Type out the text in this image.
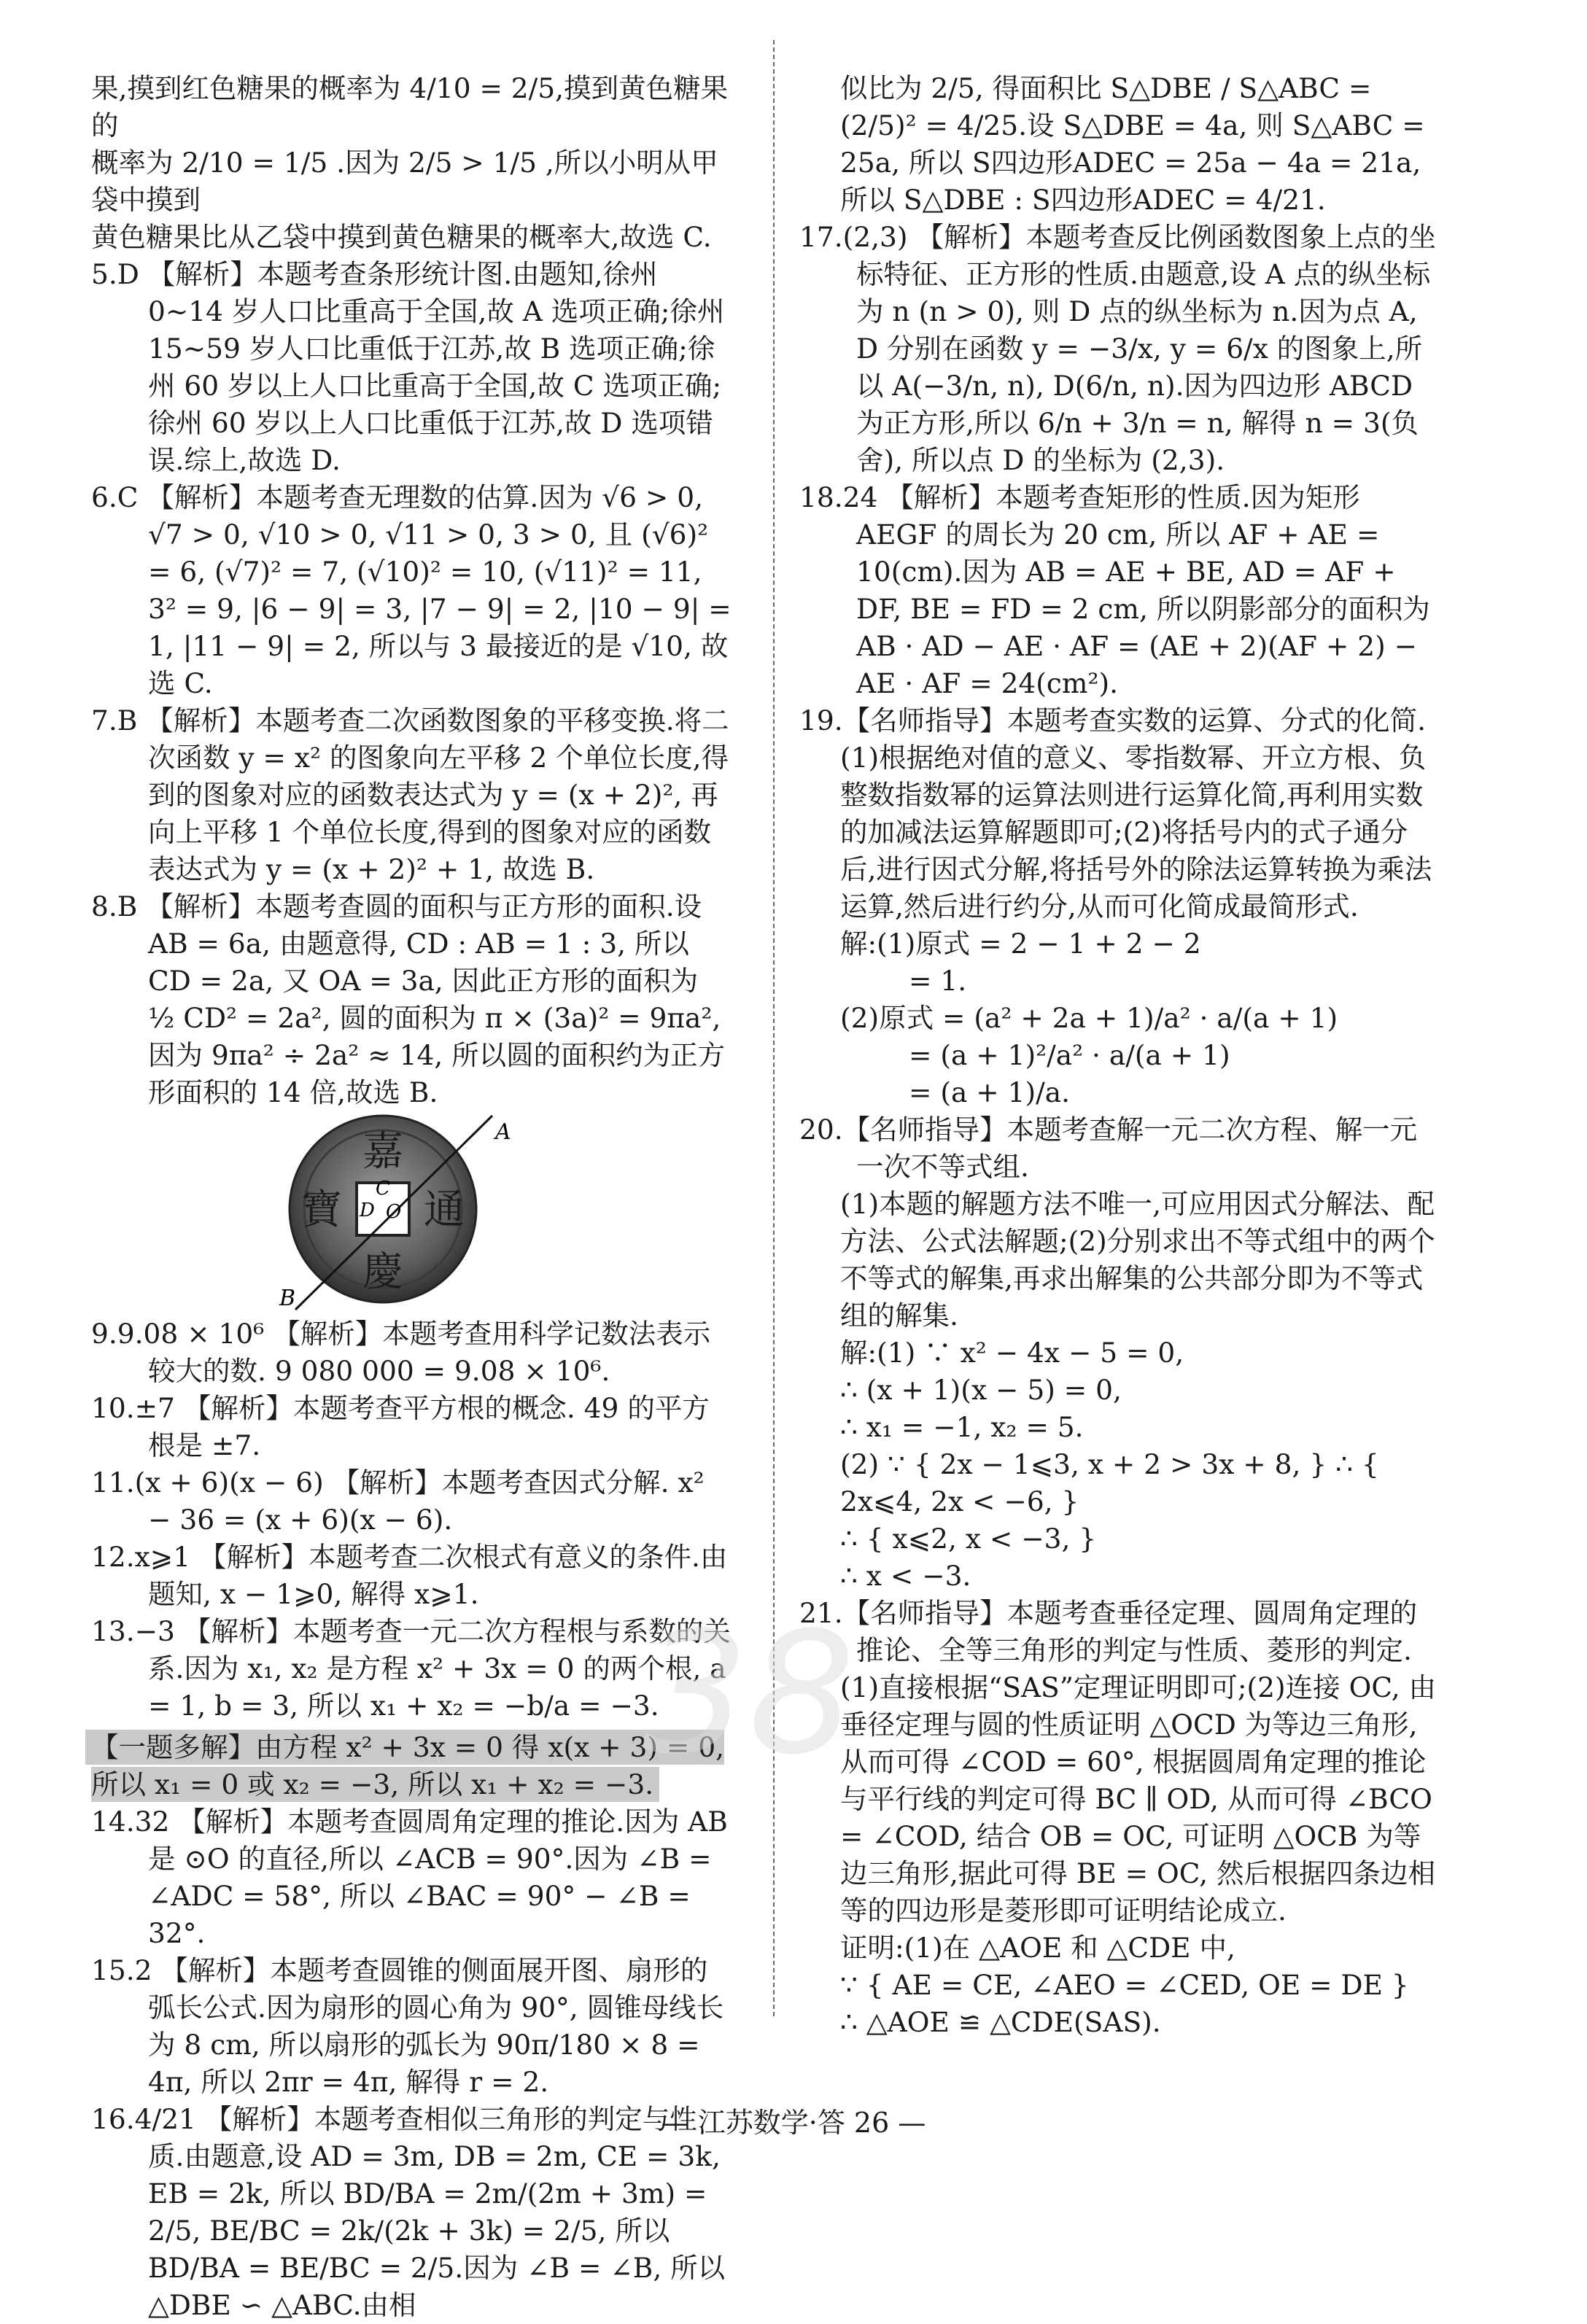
果,摸到红色糖果的概率为 4/10 = 2/5,摸到黄色糖果的

概率为 2/10 = 1/5 .因为 2/5 > 1/5 ,所以小明从甲袋中摸到

黄色糖果比从乙袋中摸到黄色糖果的概率大,故选 C.

5.D 【解析】本题考查条形统计图.由题知,徐州 0~14 岁人口比重高于全国,故 A 选项正确;徐州 15~59 岁人口比重低于江苏,故 B 选项正确;徐州 60 岁以上人口比重高于全国,故 C 选项正确;徐州 60 岁以上人口比重低于江苏,故 D 选项错误.综上,故选 D.

6.C 【解析】本题考查无理数的估算.因为 √6 > 0, √7 > 0, √10 > 0, √11 > 0, 3 > 0, 且 (√6)² = 6, (√7)² = 7, (√10)² = 10, (√11)² = 11, 3² = 9, |6 − 9| = 3, |7 − 9| = 2, |10 − 9| = 1, |11 − 9| = 2, 所以与 3 最接近的是 √10, 故选 C.

7.B 【解析】本题考查二次函数图象的平移变换.将二次函数 y = x² 的图象向左平移 2 个单位长度,得到的图象对应的函数表达式为 y = (x + 2)², 再向上平移 1 个单位长度,得到的图象对应的函数表达式为 y = (x + 2)² + 1, 故选 B.

8.B 【解析】本题考查圆的面积与正方形的面积.设 AB = 6a, 由题意得, CD : AB = 1 : 3, 所以 CD = 2a, 又 OA = 3a, 因此正方形的面积为 ½ CD² = 2a², 圆的面积为 π × (3a)² = 9πa², 因为 9πa² ÷ 2a² ≈ 14, 所以圆的面积约为正方形面积的 14 倍,故选 B.

嘉
慶
通
寶
A
B
C
D O

9.9.08 × 10⁶ 【解析】本题考查用科学记数法表示较大的数. 9 080 000 = 9.08 × 10⁶.

10.±7 【解析】本题考查平方根的概念. 49 的平方根是 ±7.

11.(x + 6)(x − 6) 【解析】本题考查因式分解. x² − 36 = (x + 6)(x − 6).

12.x⩾1 【解析】本题考查二次根式有意义的条件.由题知, x − 1⩾0, 解得 x⩾1.

13.−3 【解析】本题考查一元二次方程根与系数的关系.因为 x₁, x₂ 是方程 x² + 3x = 0 的两个根, a = 1, b = 3, 所以 x₁ + x₂ = −b/a = −3.

【一题多解】由方程 x² + 3x = 0 得 x(x + 3) = 0, 所以 x₁ = 0 或 x₂ = −3, 所以 x₁ + x₂ = −3.

14.32 【解析】本题考查圆周角定理的推论.因为 AB 是 ⊙O 的直径,所以 ∠ACB = 90°.因为 ∠B = ∠ADC = 58°, 所以 ∠BAC = 90° − ∠B = 32°.

15.2 【解析】本题考查圆锥的侧面展开图、扇形的弧长公式.因为扇形的圆心角为 90°, 圆锥母线长为 8 cm, 所以扇形的弧长为 90π/180 × 8 = 4π, 所以 2πr = 4π, 解得 r = 2.

16.4/21 【解析】本题考查相似三角形的判定与性质.由题意,设 AD = 3m, DB = 2m, CE = 3k, EB = 2k, 所以 BD/BA = 2m/(2m + 3m) = 2/5, BE/BC = 2k/(2k + 3k) = 2/5, 所以 BD/BA = BE/BC = 2/5.因为 ∠B = ∠B, 所以 △DBE ∽ △ABC.由相

似比为 2/5, 得面积比 S△DBE / S△ABC = (2/5)² = 4/25.设 S△DBE = 4a, 则 S△ABC = 25a, 所以 S四边形ADEC = 25a − 4a = 21a, 所以 S△DBE : S四边形ADEC = 4/21.

17.(2,3) 【解析】本题考查反比例函数图象上点的坐标特征、正方形的性质.由题意,设 A 点的纵坐标为 n (n > 0), 则 D 点的纵坐标为 n.因为点 A, D 分别在函数 y = −3/x, y = 6/x 的图象上,所以 A(−3/n, n), D(6/n, n).因为四边形 ABCD 为正方形,所以 6/n + 3/n = n, 解得 n = 3(负舍), 所以点 D 的坐标为 (2,3).

18.24 【解析】本题考查矩形的性质.因为矩形 AEGF 的周长为 20 cm, 所以 AF + AE = 10(cm).因为 AB = AE + BE, AD = AF + DF, BE = FD = 2 cm, 所以阴影部分的面积为 AB · AD − AE · AF = (AE + 2)(AF + 2) − AE · AF = 24(cm²).

19.【名师指导】本题考查实数的运算、分式的化简.

(1)根据绝对值的意义、零指数幂、开立方根、负整数指数幂的运算法则进行运算化简,再利用实数的加减法运算解题即可;(2)将括号内的式子通分后,进行因式分解,将括号外的除法运算转换为乘法运算,然后进行约分,从而可化简成最简形式.

解:(1)原式 = 2 − 1 + 2 − 2

= 1.

(2)原式 = (a² + 2a + 1)/a² · a/(a + 1)

= (a + 1)²/a² · a/(a + 1)

= (a + 1)/a.

20.【名师指导】本题考查解一元二次方程、解一元一次不等式组.

(1)本题的解题方法不唯一,可应用因式分解法、配方法、公式法解题;(2)分别求出不等式组中的两个不等式的解集,再求出解集的公共部分即为不等式组的解集.

解:(1) ∵ x² − 4x − 5 = 0,

∴ (x + 1)(x − 5) = 0,

∴ x₁ = −1, x₂ = 5.

(2) ∵ { 2x − 1⩽3, x + 2 > 3x + 8, } ∴ { 2x⩽4, 2x < −6, }

∴ { x⩽2, x < −3, }

∴ x < −3.

21.【名师指导】本题考查垂径定理、圆周角定理的推论、全等三角形的判定与性质、菱形的判定.

(1)直接根据“SAS”定理证明即可;(2)连接 OC, 由垂径定理与圆的性质证明 △OCD 为等边三角形,从而可得 ∠COD = 60°, 根据圆周角定理的推论与平行线的判定可得 BC ∥ OD, 从而可得 ∠BCO = ∠COD, 结合 OB = OC, 可证明 △OCB 为等边三角形,据此可得 BE = OC, 然后根据四条边相等的四边形是菱形即可证明结论成立.

证明:(1)在 △AOE 和 △CDE 中,

∵ { AE = CE, ∠AEO = ∠CED, OE = DE }

∴ △AOE ≌ △CDE(SAS).

38
— 江苏数学·答 26 —
